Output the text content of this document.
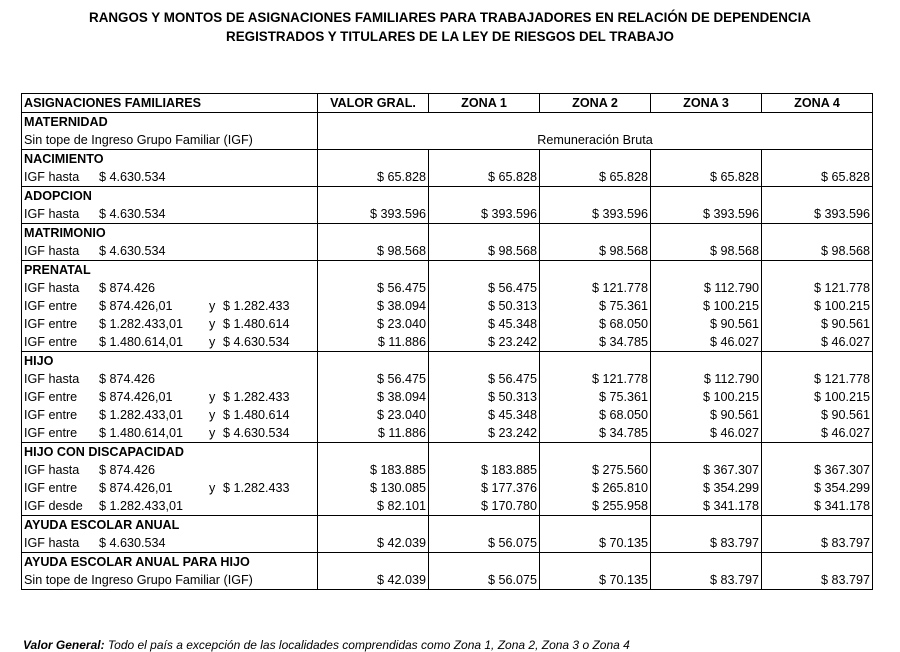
RANGOS Y MONTOS DE ASIGNACIONES FAMILIARES PARA TRABAJADORES EN RELACIÓN DE DEPENDENCIA
REGISTRADOS Y TITULARES DE LA LEY DE RIESGOS DEL TRABAJO
ASIGNACIONES FAMILIARES	VALOR GRAL.	ZONA 1	ZONA 2	ZONA 3	ZONA 4
MATERNIDAD					
Sin tope de Ingreso Grupo Familiar (IGF)	Remuneración Bruta				
NACIMIENTO					
IGF hasta $ 4.630.534	$ 65.828	$ 65.828	$ 65.828	$ 65.828	$ 65.828
ADOPCION					
IGF hasta $ 4.630.534	$ 393.596	$ 393.596	$ 393.596	$ 393.596	$ 393.596
MATRIMONIO					
IGF hasta $ 4.630.534	$ 98.568	$ 98.568	$ 98.568	$ 98.568	$ 98.568
PRENATAL					
IGF hasta $ 874.426	$ 56.475	$ 56.475	$ 121.778	$ 112.790	$ 121.778
IGF entre $ 874.426,01 y $ 1.282.433	$ 38.094	$ 50.313	$ 75.361	$ 100.215	$ 100.215
IGF entre $ 1.282.433,01 y $ 1.480.614	$ 23.040	$ 45.348	$ 68.050	$ 90.561	$ 90.561
IGF entre $ 1.480.614,01 y $ 4.630.534	$ 11.886	$ 23.242	$ 34.785	$ 46.027	$ 46.027
HIJO					
IGF hasta $ 874.426	$ 56.475	$ 56.475	$ 121.778	$ 112.790	$ 121.778
IGF entre $ 874.426,01 y $ 1.282.433	$ 38.094	$ 50.313	$ 75.361	$ 100.215	$ 100.215
IGF entre $ 1.282.433,01 y $ 1.480.614	$ 23.040	$ 45.348	$ 68.050	$ 90.561	$ 90.561
IGF entre $ 1.480.614,01 y $ 4.630.534	$ 11.886	$ 23.242	$ 34.785	$ 46.027	$ 46.027
HIJO CON DISCAPACIDAD					
IGF hasta $ 874.426	$ 183.885	$ 183.885	$ 275.560	$ 367.307	$ 367.307
IGF entre $ 874.426,01 y $ 1.282.433	$ 130.085	$ 177.376	$ 265.810	$ 354.299	$ 354.299
IGF desde $ 1.282.433,01	$ 82.101	$ 170.780	$ 255.958	$ 341.178	$ 341.178
AYUDA ESCOLAR ANUAL					
IGF hasta $ 4.630.534	$ 42.039	$ 56.075	$ 70.135	$ 83.797	$ 83.797
AYUDA ESCOLAR ANUAL PARA HIJO					
Sin tope de Ingreso Grupo Familiar (IGF)	$ 42.039	$ 56.075	$ 70.135	$ 83.797	$ 83.797
Valor General: Todo el país a excepción de las localidades comprendidas como Zona 1, Zona 2, Zona 3 o Zona 4
